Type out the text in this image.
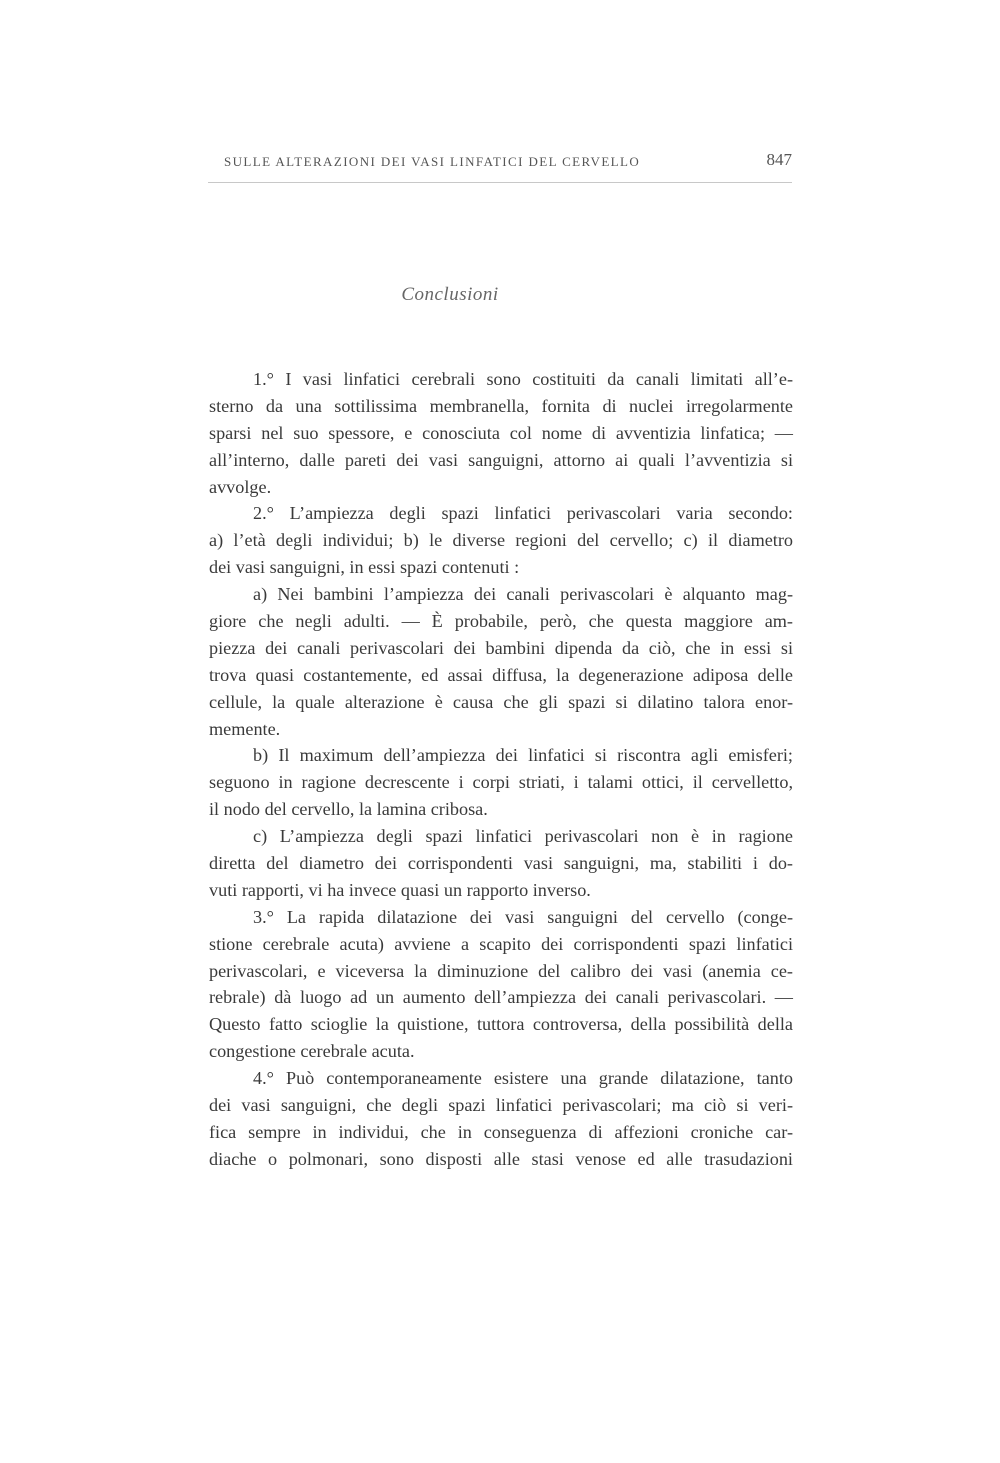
SULLE ALTERAZIONI DEI VASI LINFATICI DEL CERVELLO	847
Conclusioni
1.° I vasi linfatici cerebrali sono costituiti da canali limitati all’e-
sterno da una sottilissima membranella, fornita di nuclei irregolarmente
sparsi nel suo spessore, e conosciuta col nome di avventizia linfatica; —
all’interno, dalle pareti dei vasi sanguigni, attorno ai quali l’avventizia si
avvolge.
2.° L’ampiezza degli spazi linfatici perivascolari varia secondo:
a) l’età degli individui; b) le diverse regioni del cervello; c) il diametro
dei vasi sanguigni, in essi spazi contenuti :
a) Nei bambini l’ampiezza dei canali perivascolari è alquanto mag-
giore che negli adulti. — È probabile, però, che questa maggiore am-
piezza dei canali perivascolari dei bambini dipenda da ciò, che in essi si
trova quasi costantemente, ed assai diffusa, la degenerazione adiposa delle
cellule, la quale alterazione è causa che gli spazi si dilatino talora enor-
memente.
b) Il maximum dell’ampiezza dei linfatici si riscontra agli emisferi;
seguono in ragione decrescente i corpi striati, i talami ottici, il cervelletto,
il nodo del cervello, la lamina cribosa.
c) L’ampiezza degli spazi linfatici perivascolari non è in ragione
diretta del diametro dei corrispondenti vasi sanguigni, ma, stabiliti i do-
vuti rapporti, vi ha invece quasi un rapporto inverso.
3.° La rapida dilatazione dei vasi sanguigni del cervello (conge-
stione cerebrale acuta) avviene a scapito dei corrispondenti spazi linfatici
perivascolari, e viceversa la diminuzione del calibro dei vasi (anemia ce-
rebrale) dà luogo ad un aumento dell’ampiezza dei canali perivascolari. —
Questo fatto scioglie la quistione, tuttora controversa, della possibilità della
congestione cerebrale acuta.
4.° Può contemporaneamente esistere una grande dilatazione, tanto
dei vasi sanguigni, che degli spazi linfatici perivascolari; ma ciò si veri-
fica sempre in individui, che in conseguenza di affezioni croniche car-
diache o polmonari, sono disposti alle stasi venose ed alle trasudazioni
